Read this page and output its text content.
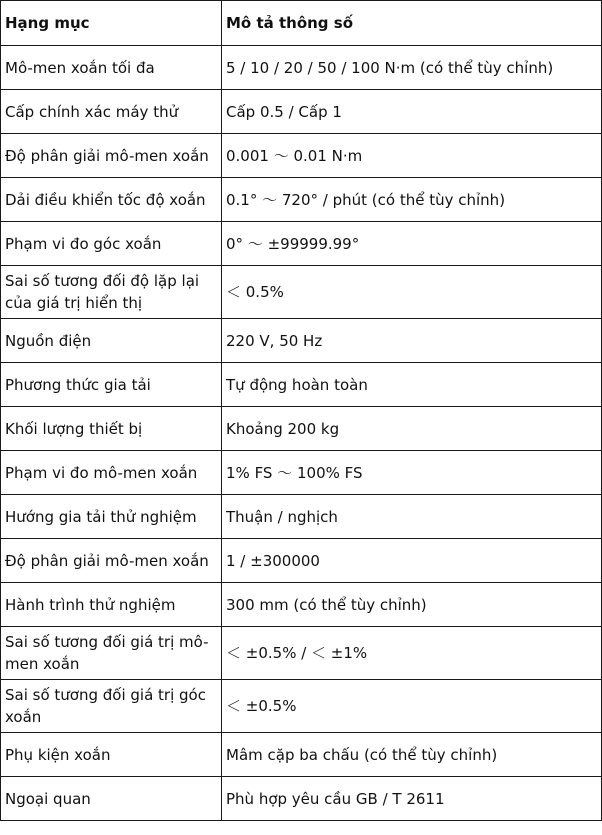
Hạng mục	Mô tả thông số
Mô-men xoắn tối đa	5 / 10 / 20 / 50 / 100 N·m (có thể tùy chỉnh)
Cấp chính xác máy thử	Cấp 0.5 / Cấp 1
Độ phân giải mô-men xoắn	0.001 ～ 0.01 N·m
Dải điều khiển tốc độ xoắn	0.1° ～ 720° / phút (có thể tùy chỉnh)
Phạm vi đo góc xoắn	0° ～ ±99999.99°
Sai số tương đối độ lặp lại của giá trị hiển thị	＜ 0.5%
Nguồn điện	220 V, 50 Hz
Phương thức gia tải	Tự động hoàn toàn
Khối lượng thiết bị	Khoảng 200 kg
Phạm vi đo mô-men xoắn	1% FS ～ 100% FS
Hướng gia tải thử nghiệm	Thuận / nghịch
Độ phân giải mô-men xoắn	1 / ±300000
Hành trình thử nghiệm	300 mm (có thể tùy chỉnh)
Sai số tương đối giá trị mô-men xoắn	＜ ±0.5% / ＜ ±1%
Sai số tương đối giá trị góc xoắn	＜ ±0.5%
Phụ kiện xoắn	Mâm cặp ba chấu (có thể tùy chỉnh)
Ngoại quan	Phù hợp yêu cầu GB / T 2611
